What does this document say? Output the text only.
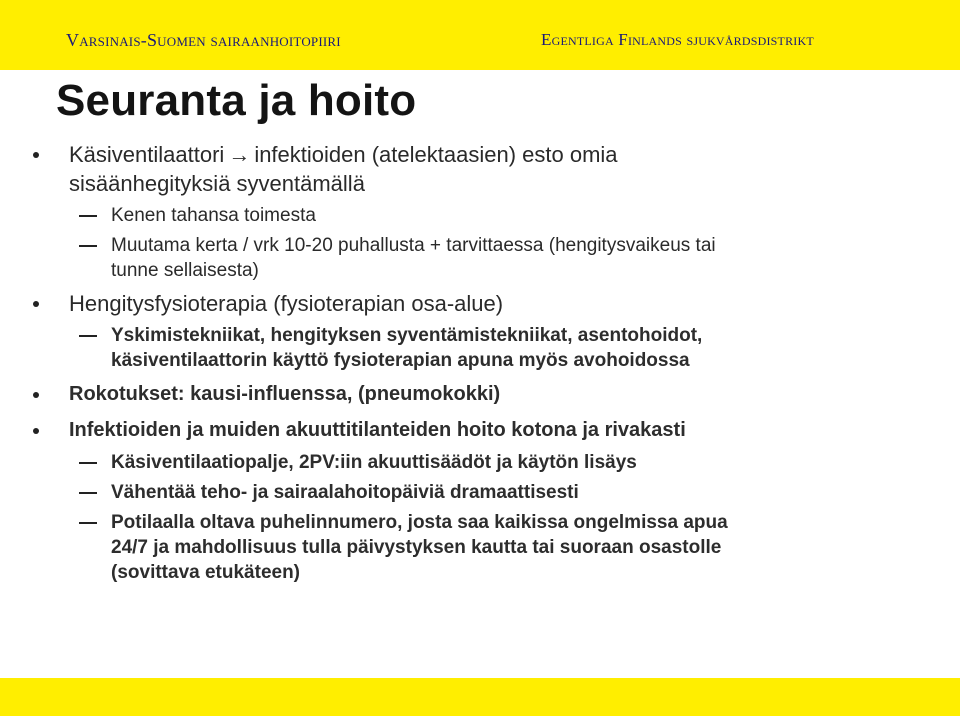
Varsinais-Suomen sairaanhoitopiiri	Egentliga Finlands sjukvårdsdistrikt
Seuranta ja hoito
Käsiventilaattori → infektioiden (atelektaasien) esto omia
sisäänhegityksiä syventämällä
Kenen tahansa toimesta
Muutama kerta / vrk 10-20 puhallusta + tarvittaessa (hengitysvaikeus tai
tunne sellaisesta)
Hengitysfysioterapia (fysioterapian osa-alue)
Yskimistekniikat, hengityksen syventämistekniikat, asentohoidot,
käsiventilaattorin käyttö fysioterapian apuna myös avohoidossa
Rokotukset: kausi-influenssa, (pneumokokki)
Infektioiden ja muiden akuuttitilanteiden hoito kotona ja rivakasti
Käsiventilaatiopalje, 2PV:iin akuuttisäädöt ja käytön lisäys
Vähentää teho- ja sairaalahoitopäiviä dramaattisesti
Potilaalla oltava puhelinnumero, josta saa kaikissa ongelmissa apua
24/7 ja mahdollisuus tulla päivystyksen kautta tai suoraan osastolle
(sovittava etukäteen)
